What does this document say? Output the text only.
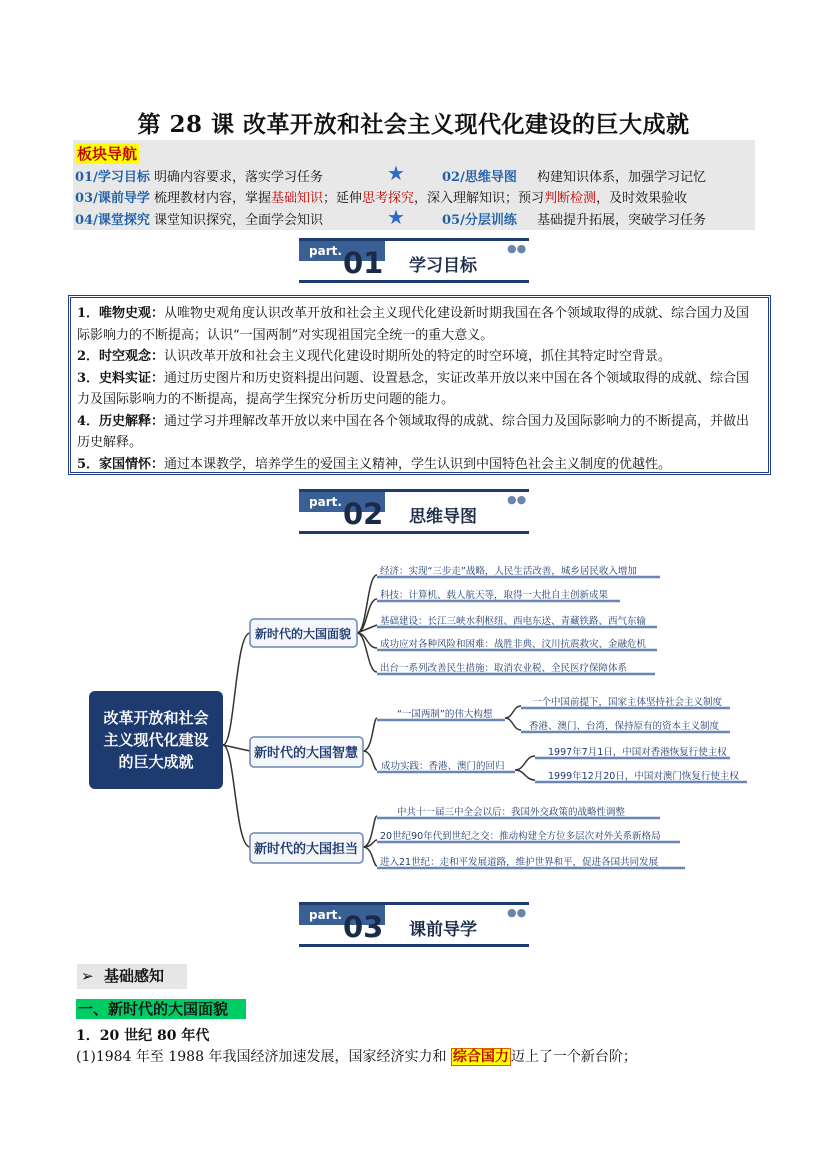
第 28 课 改革开放和社会主义现代化建设的巨大成就
板块导航
01/学习目标 明确内容要求，落实学习任务	★	02/思维导图 构建知识体系，加强学习记忆
03/课前导学 梳理教材内容，掌握基础知识；延伸思考探究，深入理解知识；预习判断检测，及时效果验收
04/课堂探究 课堂知识探究，全面学会知识	★	05/分层训练 基础提升拓展，突破学习任务
part. 01 学习目标
●●
1．唯物史观：从唯物史观角度认识改革开放和社会主义现代化建设新时期我国在各个领域取得的成就、综合国力及国际影响力的不断提高；认识“一国两制”对实现祖国完全统一的重大意义。
2．时空观念：认识改革开放和社会主义现代化建设时期所处的特定的时空环境，抓住其特定时空背景。
3．史料实证：通过历史图片和历史资料提出问题、设置悬念，实证改革开放以来中国在各个领域取得的成就、综合国力及国际影响力的不断提高，提高学生探究分析历史问题的能力。
4．历史解释：通过学习并理解改革开放以来中国在各个领域取得的成就、综合国力及国际影响力的不断提高，并做出历史解释。
5．家国情怀：通过本课教学，培养学生的爱国主义精神，学生认识到中国特色社会主义制度的优越性。
part. 02 思维导图
●●
改革开放和社会
主义现代化建设
的巨大成就
新时代的大国面貌
新时代的大国智慧
新时代的大国担当
经济：实现“三步走”战略，人民生活改善，城乡居民收入增加
科技：计算机、载人航天等，取得一大批自主创新成果
基础建设：长江三峡水利枢纽、西电东送、青藏铁路、西气东输
成功应对各种风险和困难：战胜非典、汶川抗震救灾、金融危机
出台一系列改善民生措施：取消农业税、全民医疗保障体系
“一国两制”的伟大构想
一个中国前提下，国家主体坚持社会主义制度
香港、澳门、台湾，保持原有的资本主义制度
成功实践：香港、澳门的回归
1997年7月1日，中国对香港恢复行使主权
1999年12月20日，中国对澳门恢复行使主权
中共十一届三中全会以后：我国外交政策的战略性调整
20世纪90年代到世纪之交：推动构建全方位多层次对外关系新格局
进入21世纪：走和平发展道路，维护世界和平，促进各国共同发展
part. 03 课前导学
●●
➢ 基础感知
一、新时代的大国面貌
1．20 世纪 80 年代
(1)1984 年至 1988 年我国经济加速发展，国家经济实力和 综合国力 迈上了一个新台阶；
